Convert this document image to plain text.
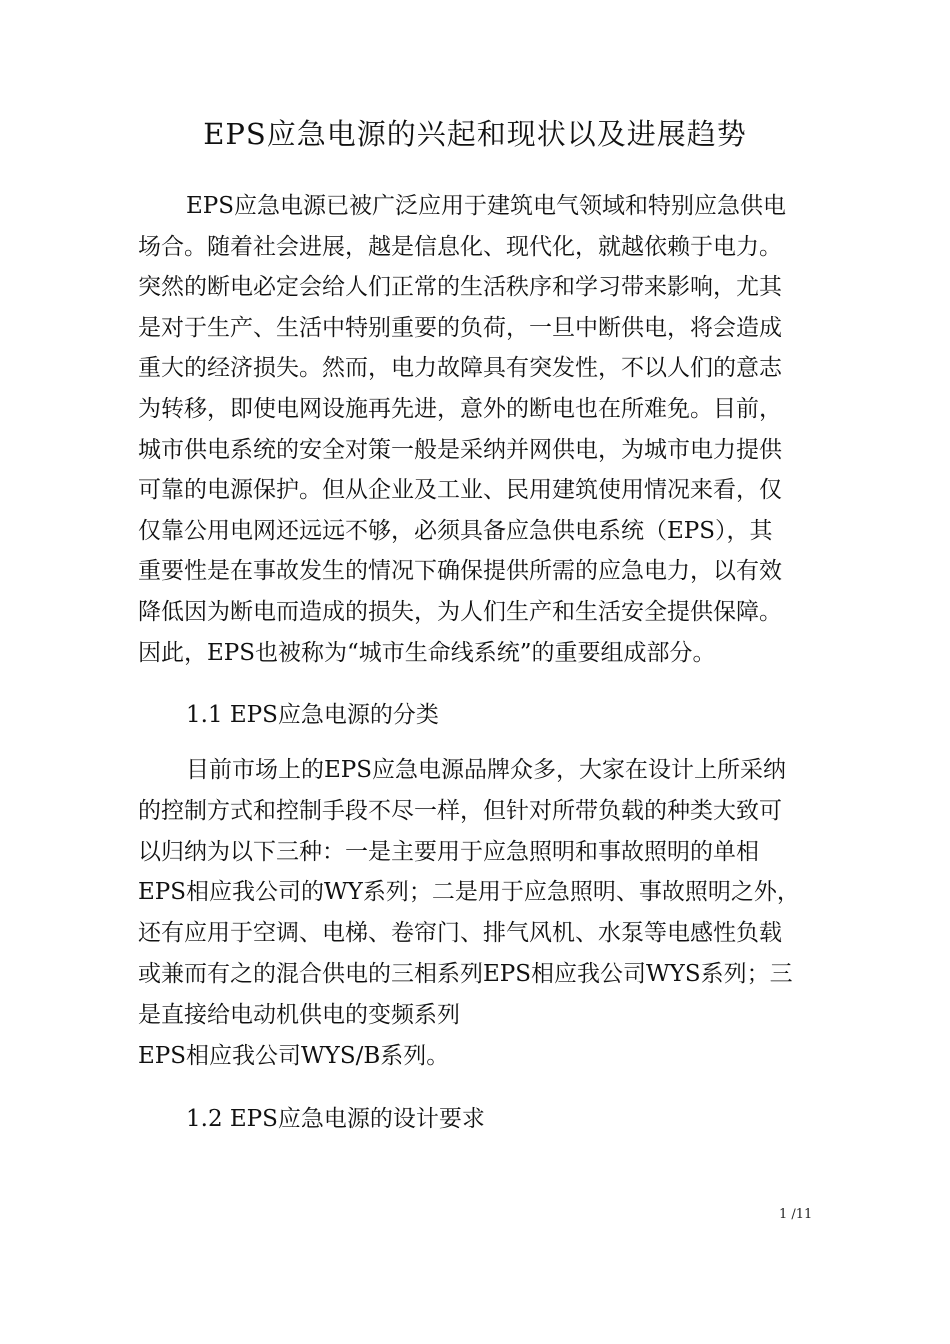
EPS应急电源的兴起和现状以及进展趋势
EPS应急电源已被广泛应用于建筑电气领域和特别应急供电
场合。随着社会进展，越是信息化、现代化，就越依赖于电力。
突然的断电必定会给人们正常的生活秩序和学习带来影响，尤其
是对于生产、生活中特别重要的负荷，一旦中断供电，将会造成
重大的经济损失。然而，电力故障具有突发性，不以人们的意志
为转移，即使电网设施再先进，意外的断电也在所难免。目前，
城市供电系统的安全对策一般是采纳并网供电，为城市电力提供
可靠的电源保护。但从企业及工业、民用建筑使用情况来看，仅
仅靠公用电网还远远不够，必须具备应急供电系统（EPS），其
重要性是在事故发生的情况下确保提供所需的应急电力，以有效
降低因为断电而造成的损失，为人们生产和生活安全提供保障。
因此，EPS也被称为“城市生命线系统”的重要组成部分。
1.1 EPS应急电源的分类
目前市场上的EPS应急电源品牌众多，大家在设计上所采纳
的控制方式和控制手段不尽一样，但针对所带负载的种类大致可
以归纳为以下三种：一是主要用于应急照明和事故照明的单相
EPS相应我公司的WY系列；二是用于应急照明、事故照明之外，
还有应用于空调、电梯、卷帘门、排气风机、水泵等电感性负载
或兼而有之的混合供电的三相系列EPS相应我公司WYS系列；三
是直接给电动机供电的变频系列
EPS相应我公司WYS/B系列。
1.2 EPS应急电源的设计要求
1 /11
